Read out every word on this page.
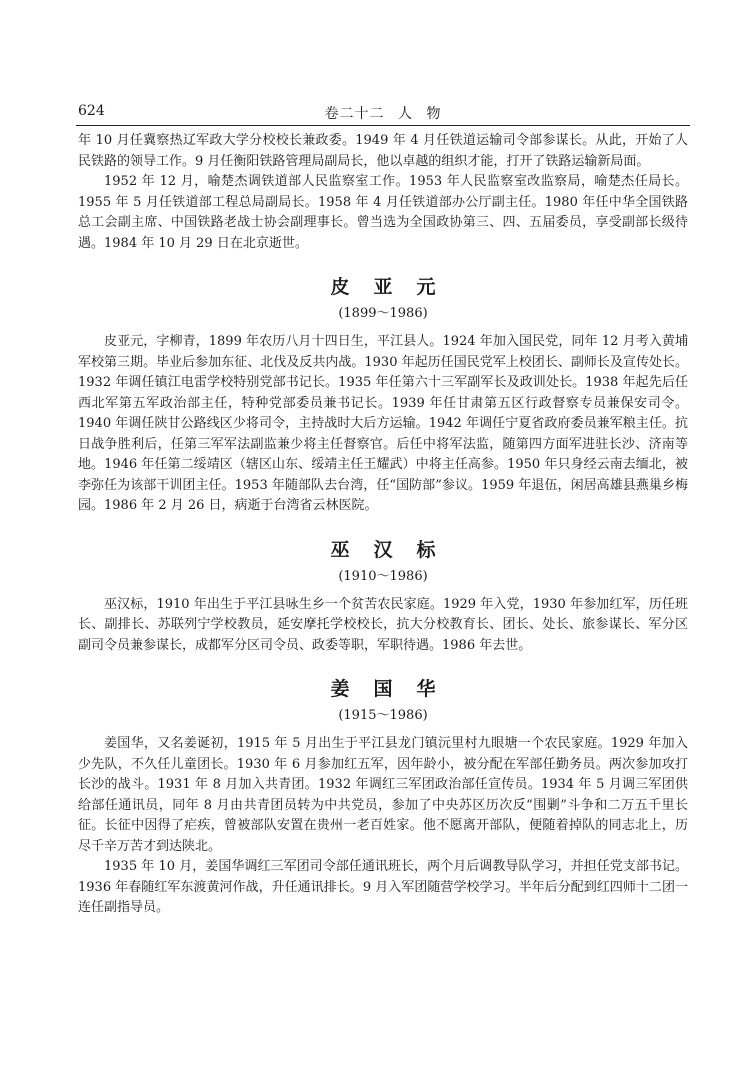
624	卷二十二 人 物

年 10 月任冀察热辽军政大学分校校长兼政委。1949 年 4 月任铁道运输司令部参谋长。从此，开始了人民铁路的领导工作。9 月任衡阳铁路管理局副局长，他以卓越的组织才能，打开了铁路运输新局面。

1952 年 12 月，喻楚杰调铁道部人民监察室工作。1953 年人民监察室改监察局，喻楚杰任局长。1955 年 5 月任铁道部工程总局副局长。1958 年 4 月任铁道部办公厅副主任。1980 年任中华全国铁路总工会副主席、中国铁路老战士协会副理事长。曾当选为全国政协第三、四、五届委员，享受副部长级待遇。1984 年 10 月 29 日在北京逝世。

皮亚元
(1899～1986)

皮亚元，字柳青，1899 年农历八月十四日生，平江县人。1924 年加入国民党，同年 12 月考入黄埔军校第三期。毕业后参加东征、北伐及反共内战。1930 年起历任国民党军上校团长、副师长及宣传处长。1932 年调任镇江电雷学校特别党部书记长。1935 年任第六十三军副军长及政训处长。1938 年起先后任西北军第五军政治部主任，特种党部委员兼书记长。1939 年任甘肃第五区行政督察专员兼保安司令。1940 年调任陕甘公路线区少将司令，主持战时大后方运输。1942 年调任宁夏省政府委员兼军粮主任。抗日战争胜利后，任第三军军法副监兼少将主任督察官。后任中将军法监，随第四方面军进驻长沙、济南等地。1946 年任第二绥靖区（辖区山东、绥靖主任王耀武）中将主任高参。1950 年只身经云南去缅北，被李弥任为该部干训团主任。1953 年随部队去台湾，任“国防部”参议。1959 年退伍，闲居高雄县燕巢乡梅园。1986 年 2 月 26 日，病逝于台湾省云林医院。

巫汉标
(1910～1986)

巫汉标，1910 年出生于平江县咏生乡一个贫苦农民家庭。1929 年入党，1930 年参加红军，历任班长、副排长、苏联列宁学校教员，延安摩托学校校长，抗大分校教育长、团长、处长、旅参谋长、军分区副司令员兼参谋长，成都军分区司令员、政委等职，军职待遇。1986 年去世。

姜国华
(1915～1986)

姜国华，又名姜诞初，1915 年 5 月出生于平江县龙门镇沅里村九眼塘一个农民家庭。1929 年加入少先队，不久任儿童团长。1930 年 6 月参加红五军，因年龄小，被分配在军部任勤务员。两次参加攻打长沙的战斗。1931 年 8 月加入共青团。1932 年调红三军团政治部任宣传员。1934 年 5 月调三军团供给部任通讯员，同年 8 月由共青团员转为中共党员，参加了中央苏区历次反“围剿”斗争和二万五千里长征。长征中因得了疟疾，曾被部队安置在贵州一老百姓家。他不愿离开部队，便随着掉队的同志北上，历尽千辛万苦才到达陕北。

1935 年 10 月，姜国华调红三军团司令部任通讯班长，两个月后调教导队学习，并担任党支部书记。1936 年春随红军东渡黄河作战，升任通讯排长。9 月入军团随营学校学习。半年后分配到红四师十二团一连任副指导员。
